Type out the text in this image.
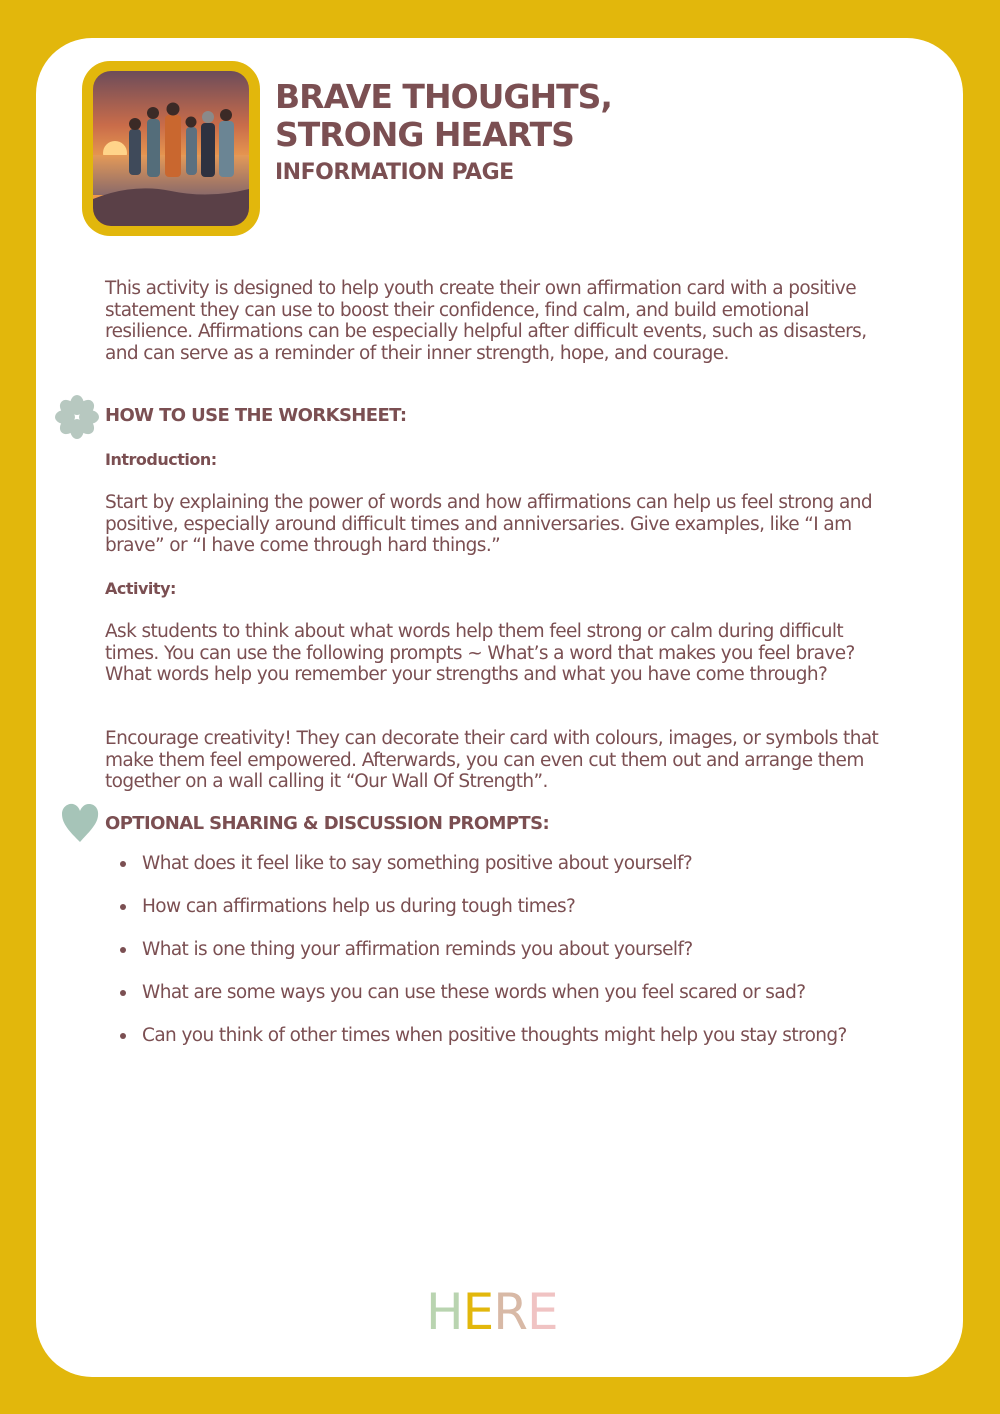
BRAVE THOUGHTS,
STRONG HEARTS
INFORMATION PAGE

This activity is designed to help youth create their own affirmation card with a positive statement they can use to boost their confidence, find calm, and build emotional resilience. Affirmations can be especially helpful after difficult events, such as disasters, and can serve as a reminder of their inner strength, hope, and courage.

HOW TO USE THE WORKSHEET:
Introduction:

Start by explaining the power of words and how affirmations can help us feel strong and positive, especially around difficult times and anniversaries. Give examples, like “I am brave” or “I have come through hard things.”

Activity:

Ask students to think about what words help them feel strong or calm during difficult times. You can use the following prompts ~ What’s a word that makes you feel brave? What words help you remember your strengths and what you have come through?

Encourage creativity! They can decorate their card with colours, images, or symbols that make them feel empowered. Afterwards, you can even cut them out and arrange them together on a wall calling it “Our Wall Of Strength”.

OPTIONAL SHARING & DISCUSSION PROMPTS:
What does it feel like to say something positive about yourself?
How can affirmations help us during tough times?
What is one thing your affirmation reminds you about yourself?
What are some ways you can use these words when you feel scared or sad?
Can you think of other times when positive thoughts might help you stay strong?
HERE
